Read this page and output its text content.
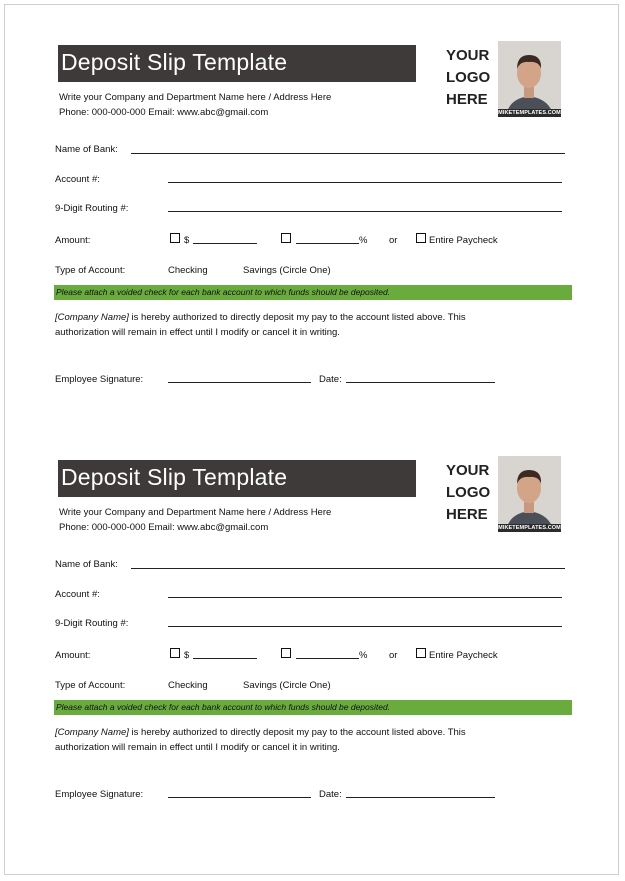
Deposit Slip Template
Write your Company and Department Name here / Address Here
Phone: 000-000-000 Email: www.abc@gmail.com
YOUR
LOGO
HERE
MIKETEMPLATES.COM
Name of Bank:
Account #:
9-Digit Routing #:
Amount:	$	% or	Entire Paycheck
Type of Account:	Checking	Savings (Circle One)
Please attach a voided check for each bank account to which funds should be deposited.
[Company Name] is hereby authorized to directly deposit my pay to the account listed above. This
authorization will remain in effect until I modify or cancel it in writing.
Employee Signature:	Date:
Deposit Slip Template
Write your Company and Department Name here / Address Here
Phone: 000-000-000 Email: www.abc@gmail.com
YOUR
LOGO
HERE
MIKETEMPLATES.COM
Name of Bank:
Account #:
9-Digit Routing #:
Amount:	$	% or	Entire Paycheck
Type of Account:	Checking	Savings (Circle One)
Please attach a voided check for each bank account to which funds should be deposited.
[Company Name] is hereby authorized to directly deposit my pay to the account listed above. This
authorization will remain in effect until I modify or cancel it in writing.
Employee Signature:	Date:
